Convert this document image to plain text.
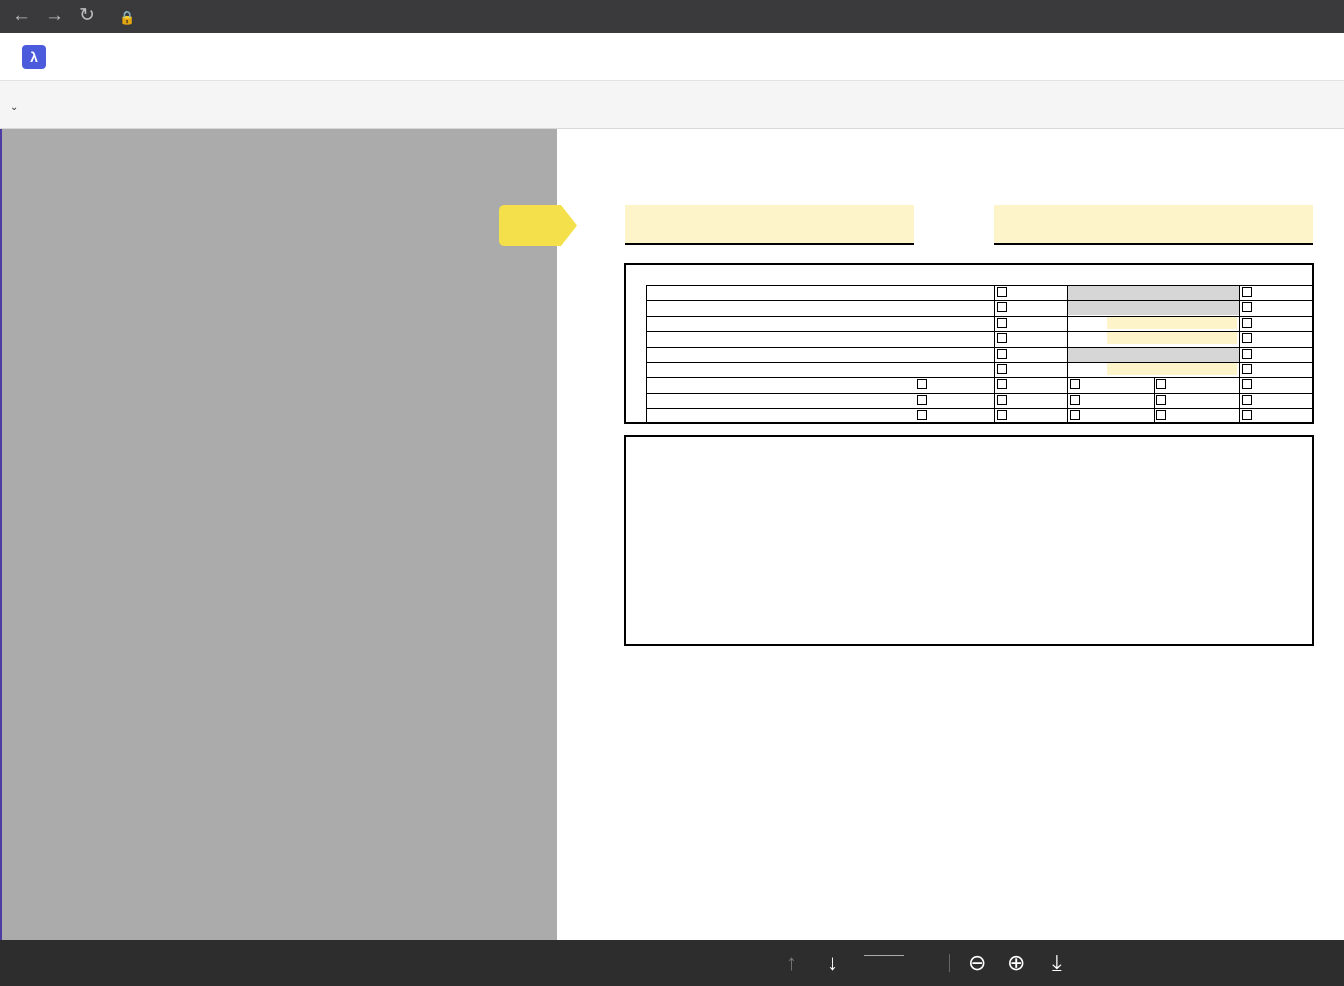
← → ↻ 🔒
λ
⌄
↑ ↓	⊖ ⊕ ⤓
